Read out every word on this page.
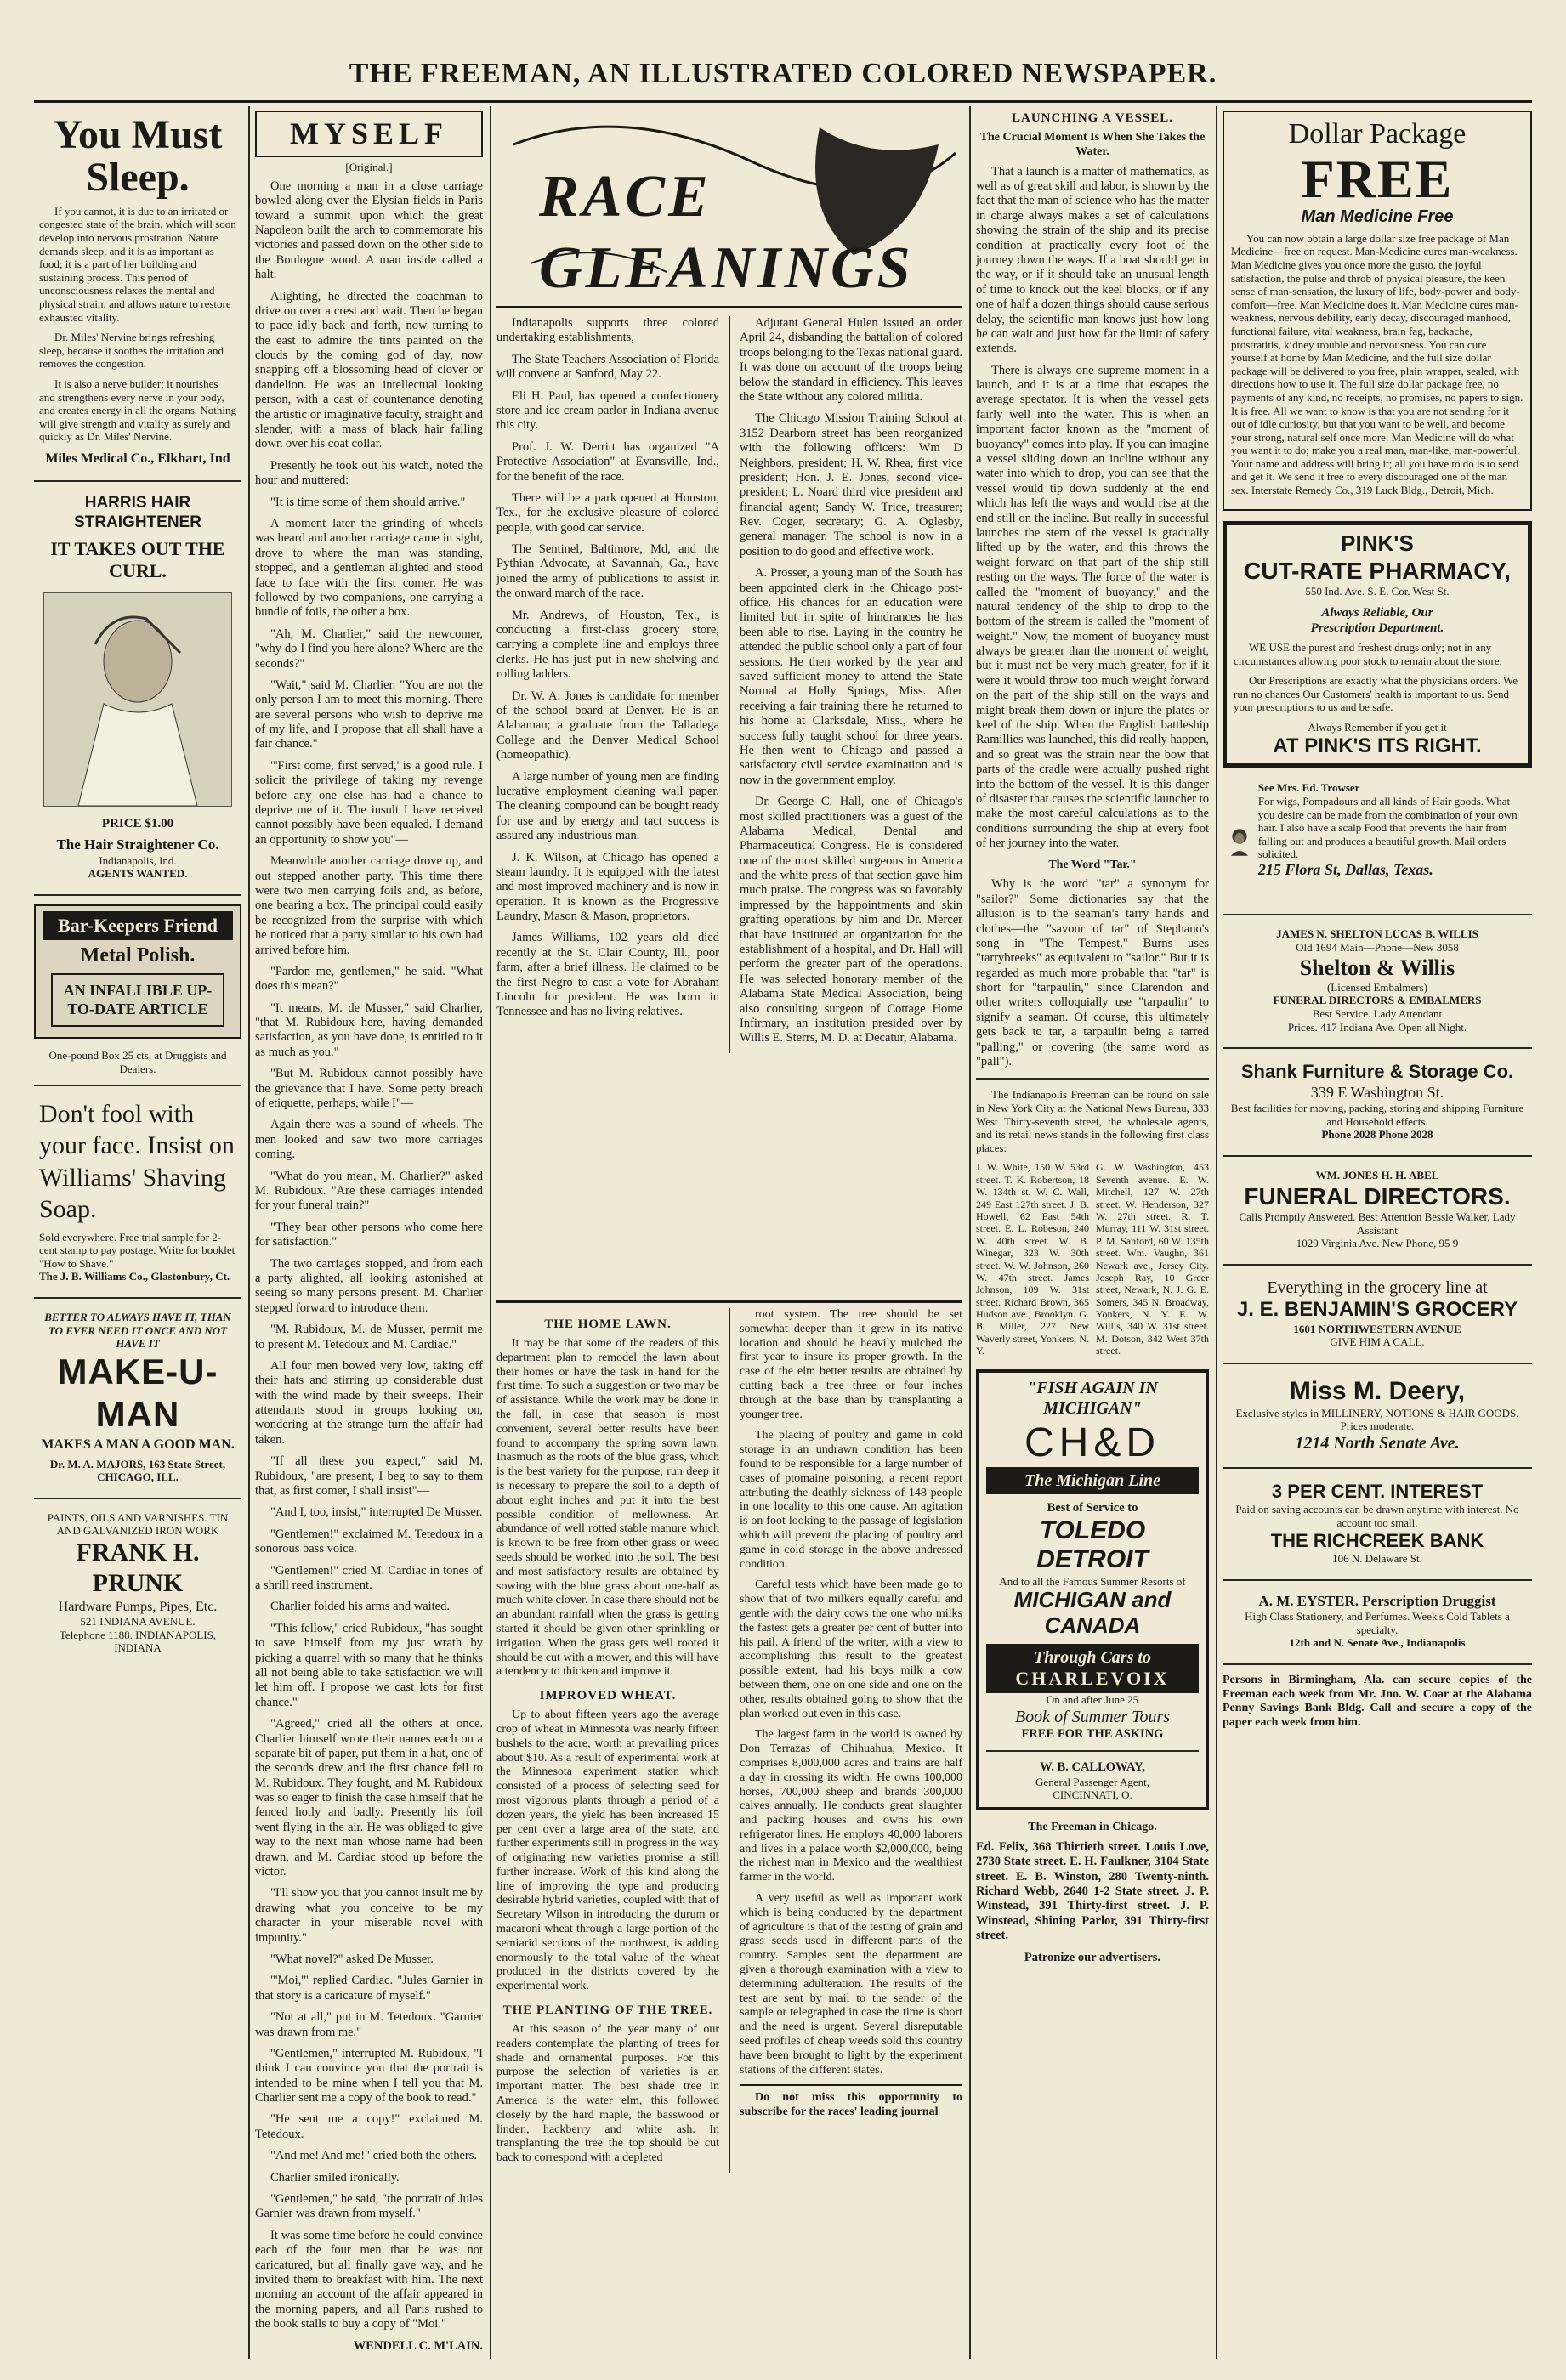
THE FREEMAN, AN ILLUSTRATED COLORED NEWSPAPER.
You Must Sleep.

If you cannot, it is due to an irritated or congested state of the brain, which will soon develop into nervous prostration. Nature demands sleep, and it is as important as food; it is a part of her building and sustaining process. This period of unconsciousness relaxes the mental and physical strain, and allows nature to restore exhausted vitality.

Dr. Miles' Nervine brings refreshing sleep, because it soothes the irritation and removes the congestion.

It is also a nerve builder; it nourishes and strengthens every nerve in your body, and creates energy in all the organs. Nothing will give strength and vitality as surely and quickly as Dr. Miles' Nervine.

Miles Medical Co., Elkhart, Ind
HARRIS HAIR STRAIGHTENER
IT TAKES OUT THE CURL.
PRICE $1.00
The Hair Straightener Co.
Indianapolis, Ind.
AGENTS WANTED.
Bar-Keepers Friend
Metal Polish.
AN INFALLIBLE UP-TO-DATE ARTICLE
One-pound Box 25 cts, at Druggists and Dealers.
Don't fool with your face. Insist on Williams' Shaving Soap.
Sold everywhere. Free trial sample for 2-cent stamp to pay postage. Write for booklet "How to Shave."
The J. B. Williams Co., Glastonbury, Ct.
BETTER TO ALWAYS HAVE IT, THAN TO EVER NEED IT ONCE AND NOT HAVE IT
MAKE-U-MAN
MAKES A MAN A GOOD MAN.
Dr. M. A. MAJORS, 163 State Street, CHICAGO, ILL.
PAINTS, OILS AND VARNISHES. TIN AND GALVANIZED IRON WORK
FRANK H. PRUNK
Hardware Pumps, Pipes, Etc.
521 INDIANA AVENUE.
Telephone 1188. INDIANAPOLIS, INDIANA
MYSELF
[Original.]

One morning a man in a close carriage bowled along over the Elysian fields in Paris toward a summit upon which the great Napoleon built the arch to commemorate his victories and passed down on the other side to the Boulogne wood. A man inside called a halt.

Alighting, he directed the coachman to drive on over a crest and wait. Then he began to pace idly back and forth, now turning to the east to admire the tints painted on the clouds by the coming god of day, now snapping off a blossoming head of clover or dandelion. He was an intellectual looking person, with a cast of countenance denoting the artistic or imaginative faculty, straight and slender, with a mass of black hair falling down over his coat collar.

Presently he took out his watch, noted the hour and muttered:

"It is time some of them should arrive."

A moment later the grinding of wheels was heard and another carriage came in sight, drove to where the man was standing, stopped, and a gentleman alighted and stood face to face with the first comer. He was followed by two companions, one carrying a bundle of foils, the other a box.

"Ah, M. Charlier," said the newcomer, "why do I find you here alone? Where are the seconds?"

"Wait," said M. Charlier. "You are not the only person I am to meet this morning. There are several persons who wish to deprive me of my life, and I propose that all shall have a fair chance."

"'First come, first served,' is a good rule. I solicit the privilege of taking my revenge before any one else has had a chance to deprive me of it. The insult I have received cannot possibly have been equaled. I demand an opportunity to show you"—

Meanwhile another carriage drove up, and out stepped another party. This time there were two men carrying foils and, as before, one bearing a box. The principal could easily be recognized from the surprise with which he noticed that a party similar to his own had arrived before him.

"Pardon me, gentlemen," he said. "What does this mean?"

"It means, M. de Musser," said Charlier, "that M. Rubidoux here, having demanded satisfaction, as you have done, is entitled to it as much as you."

"But M. Rubidoux cannot possibly have the grievance that I have. Some petty breach of etiquette, perhaps, while I"—

Again there was a sound of wheels. The men looked and saw two more carriages coming.

"What do you mean, M. Charlier?" asked M. Rubidoux. "Are these carriages intended for your funeral train?"

"They bear other persons who come here for satisfaction."

The two carriages stopped, and from each a party alighted, all looking astonished at seeing so many persons present. M. Charlier stepped forward to introduce them.

"M. Rubidoux, M. de Musser, permit me to present M. Tetedoux and M. Cardiac."

All four men bowed very low, taking off their hats and stirring up considerable dust with the wind made by their sweeps. Their attendants stood in groups looking on, wondering at the strange turn the affair had taken.

"If all these you expect," said M. Rubidoux, "are present, I beg to say to them that, as first comer, I shall insist"—

"And I, too, insist," interrupted De Musser.

"Gentlemen!" exclaimed M. Tetedoux in a sonorous bass voice.

"Gentlemen!" cried M. Cardiac in tones of a shrill reed instrument.

Charlier folded his arms and waited.

"This fellow," cried Rubidoux, "has sought to save himself from my just wrath by picking a quarrel with so many that he thinks all not being able to take satisfaction we will let him off. I propose we cast lots for first chance."

"Agreed," cried all the others at once. Charlier himself wrote their names each on a separate bit of paper, put them in a hat, one of the seconds drew and the first chance fell to M. Rubidoux. They fought, and M. Rubidoux was so eager to finish the case himself that he fenced hotly and badly. Presently his foil went flying in the air. He was obliged to give way to the next man whose name had been drawn, and M. Cardiac stood up before the victor.

"I'll show you that you cannot insult me by drawing what you conceive to be my character in your miserable novel with impunity."

"What novel?" asked De Musser.

"'Moi,'" replied Cardiac. "Jules Garnier in that story is a caricature of myself."

"Not at all," put in M. Tetedoux. "Garnier was drawn from me."

"Gentlemen," interrupted M. Rubidoux, "I think I can convince you that the portrait is intended to be mine when I tell you that M. Charlier sent me a copy of the book to read."

"He sent me a copy!" exclaimed M. Tetedoux.

"And me! And me!" cried both the others.

Charlier smiled ironically.

"Gentlemen," he said, "the portrait of Jules Garnier was drawn from myself."

It was some time before he could convince each of the four men that he was not caricatured, but all finally gave way, and he invited them to breakfast with him. The next morning an account of the affair appeared in the morning papers, and all Paris rushed to the book stalls to buy a copy of "Moi."

WENDELL C. M'LAIN.
RACE GLEANINGS

Indianapolis supports three colored undertaking establishments,

The State Teachers Association of Florida will convene at Sanford, May 22.

Eli H. Paul, has opened a confectionery store and ice cream parlor in Indiana avenue this city.

Prof. J. W. Derritt has organized "A Protective Association" at Evansville, Ind., for the benefit of the race.

There will be a park opened at Houston, Tex., for the exclusive pleasure of colored people, with good car service.

The Sentinel, Baltimore, Md, and the Pythian Advocate, at Savannah, Ga., have joined the army of publications to assist in the onward march of the race.

Mr. Andrews, of Houston, Tex., is conducting a first-class grocery store, carrying a complete line and employs three clerks. He has just put in new shelving and rolling ladders.

Dr. W. A. Jones is candidate for member of the school board at Denver. He is an Alabaman; a graduate from the Talladega College and the Denver Medical School (homeopathic).

A large number of young men are finding lucrative employment cleaning wall paper. The cleaning compound can be bought ready for use and by energy and tact success is assured any industrious man.

J. K. Wilson, at Chicago has opened a steam laundry. It is equipped with the latest and most improved machinery and is now in operation. It is known as the Progressive Laundry, Mason & Mason, proprietors.

James Williams, 102 years old died recently at the St. Clair County, Ill., poor farm, after a brief illness. He claimed to be the first Negro to cast a vote for Abraham Lincoln for president. He was born in Tennessee and has no living relatives.

Adjutant General Hulen issued an order April 24, disbanding the battalion of colored troops belonging to the Texas national guard. It was done on account of the troops being below the standard in efficiency. This leaves the State without any colored militia.

The Chicago Mission Training School at 3152 Dearborn street has been reorganized with the following officers: Wm D Neighbors, president; H. W. Rhea, first vice president; Hon. J. E. Jones, second vice-president; L. Noard third vice president and financial agent; Sandy W. Trice, treasurer; Rev. Coger, secretary; G. A. Oglesby, general manager. The school is now in a position to do good and effective work.

A. Prosser, a young man of the South has been appointed clerk in the Chicago post-office. His chances for an education were limited but in spite of hindrances he has been able to rise. Laying in the country he attended the public school only a part of four sessions. He then worked by the year and saved sufficient money to attend the State Normal at Holly Springs, Miss. After receiving a fair training there he returned to his home at Clarksdale, Miss., where he success fully taught school for three years. He then went to Chicago and passed a satisfactory civil service examination and is now in the government employ.

Dr. George C. Hall, one of Chicago's most skilled practitioners was a guest of the Alabama Medical, Dental and Pharmaceutical Congress. He is considered one of the most skilled surgeons in America and the white press of that section gave him much praise. The congress was so favorably impressed by the happointments and skin grafting operations by him and Dr. Mercer that have instituted an organization for the establishment of a hospital, and Dr. Hall will perform the greater part of the operations. He was selected honorary member of the Alabama State Medical Association, being also consulting surgeon of Cottage Home Infirmary, an institution presided over by Willis E. Sterrs, M. D. at Decatur, Alabama.

THE HOME LAWN.

It may be that some of the readers of this department plan to remodel the lawn about their homes or have the task in hand for the first time. To such a suggestion or two may be of assistance. While the work may be done in the fall, in case that season is most convenient, several better results have been found to accompany the spring sown lawn. Inasmuch as the roots of the blue grass, which is the best variety for the purpose, run deep it is necessary to prepare the soil to a depth of about eight inches and put it into the best possible condition of mellowness. An abundance of well rotted stable manure which is known to be free from other grass or weed seeds should be worked into the soil. The best and most satisfactory results are obtained by sowing with the blue grass about one-half as much white clover. In case there should not be an abundant rainfall when the grass is getting started it should be given other sprinkling or irrigation. When the grass gets well rooted it should be cut with a mower, and this will have a tendency to thicken and improve it.

IMPROVED WHEAT.

Up to about fifteen years ago the average crop of wheat in Minnesota was nearly fifteen bushels to the acre, worth at prevailing prices about $10. As a result of experimental work at the Minnesota experiment station which consisted of a process of selecting seed for most vigorous plants through a period of a dozen years, the yield has been increased 15 per cent over a large area of the state, and further experiments still in progress in the way of originating new varieties promise a still further increase. Work of this kind along the line of improving the type and producing desirable hybrid varieties, coupled with that of Secretary Wilson in introducing the durum or macaroni wheat through a large portion of the semiarid sections of the northwest, is adding enormously to the total value of the wheat produced in the districts covered by the experimental work.

THE PLANTING OF THE TREE.

At this season of the year many of our readers contemplate the planting of trees for shade and ornamental purposes. For this purpose the selection of varieties is an important matter. The best shade tree in America is the water elm, this followed closely by the hard maple, the basswood or linden, hackberry and white ash. In transplanting the tree the top should be cut back to correspond with a depleted

root system. The tree should be set somewhat deeper than it grew in its native location and should be heavily mulched the first year to insure its proper growth. In the case of the elm better results are obtained by cutting back a tree three or four inches through at the base than by transplanting a younger tree.

The placing of poultry and game in cold storage in an undrawn condition has been found to be responsible for a large number of cases of ptomaine poisoning, a recent report attributing the deathly sickness of 148 people in one locality to this one cause. An agitation is on foot looking to the passage of legislation which will prevent the placing of poultry and game in cold storage in the above undressed condition.

Careful tests which have been made go to show that of two milkers equally careful and gentle with the dairy cows the one who milks the fastest gets a greater per cent of butter into his pail. A friend of the writer, with a view to accomplishing this result to the greatest possible extent, had his boys milk a cow between them, one on one side and one on the other, results obtained going to show that the plan worked out even in this case.

The largest farm in the world is owned by Don Terrazas of Chihuahua, Mexico. It comprises 8,000,000 acres and trains are half a day in crossing its width. He owns 100,000 horses, 700,000 sheep and brands 300,000 calves annually. He conducts great slaughter and packing houses and owns his own refrigerator lines. He employs 40,000 laborers and lives in a palace worth $2,000,000, being the richest man in Mexico and the wealthiest farmer in the world.

A very useful as well as important work which is being conducted by the department of agriculture is that of the testing of grain and grass seeds used in different parts of the country. Samples sent the department are given a thorough examination with a view to determining adulteration. The results of the test are sent by mail to the sender of the sample or telegraphed in case the time is short and the need is urgent. Several disreputable seed profiles of cheap weeds sold this country have been brought to light by the experiment stations of the different states.

Do not miss this opportunity to subscribe for the races' leading journal

LAUNCHING A VESSEL.
The Crucial Moment Is When She Takes the Water.

That a launch is a matter of mathematics, as well as of great skill and labor, is shown by the fact that the man of science who has the matter in charge always makes a set of calculations showing the strain of the ship and its precise condition at practically every foot of the journey down the ways. If a boat should get in the way, or if it should take an unusual length of time to knock out the keel blocks, or if any one of half a dozen things should cause serious delay, the scientific man knows just how long he can wait and just how far the limit of safety extends.

There is always one supreme moment in a launch, and it is at a time that escapes the average spectator. It is when the vessel gets fairly well into the water. This is when an important factor known as the "moment of buoyancy" comes into play. If you can imagine a vessel sliding down an incline without any water into which to drop, you can see that the vessel would tip down suddenly at the end which has left the ways and would rise at the end still on the incline. But really in successful launches the stern of the vessel is gradually lifted up by the water, and this throws the weight forward on that part of the ship still resting on the ways. The force of the water is called the "moment of buoyancy," and the natural tendency of the ship to drop to the bottom of the stream is called the "moment of weight." Now, the moment of buoyancy must always be greater than the moment of weight, but it must not be very much greater, for if it were it would throw too much weight forward on the part of the ship still on the ways and might break them down or injure the plates or keel of the ship. When the English battleship Ramillies was launched, this did really happen, and so great was the strain near the bow that parts of the cradle were actually pushed right into the bottom of the vessel. It is this danger of disaster that causes the scientific launcher to make the most careful calculations as to the conditions surrounding the ship at every foot of her journey into the water.

The Word "Tar."

Why is the word "tar" a synonym for "sailor?" Some dictionaries say that the allusion is to the seaman's tarry hands and clothes—the "savour of tar" of Stephano's song in "The Tempest." Burns uses "tarrybreeks" as equivalent to "sailor." But it is regarded as much more probable that "tar" is short for "tarpaulin," since Clarendon and other writers colloquially use "tarpaulin" to signify a seaman. Of course, this ultimately gets back to tar, a tarpaulin being a tarred "palling," or covering (the same word as "pall").

The Indianapolis Freeman can be found on sale in New York City at the National News Bureau, 333 West Thirty-seventh street, the wholesale agents, and its retail news stands in the following first class places:

J. W. White, 150 W. 53rd street. T. K. Robertson, 18 W. 134th st. W. C. Wall, 249 East 127th street. J. B. Howell, 62 East 54th street. E. L. Robeson, 240 W. 40th street. W. B. Winegar, 323 W. 30th street. W. W. Johnson, 260 W. 47th street. James Johnson, 109 W. 31st street. Richard Brown, 365 Hudson ave., Brooklyn. G. B. Miller, 227 New Waverly street, Yonkers, N. Y.
G. W. Washington, 453 Seventh avenue. E. W. Mitchell, 127 W. 27th street. W. Henderson, 327 W. 27th street. R. T. Murray, 111 W. 31st street. P. M. Sanford, 60 W. 135th street. Wm. Vaughn, 361 Newark ave., Jersey City. Joseph Ray, 10 Greer street, Newark, N. J. G. E. Somers, 345 N. Broadway, Yonkers, N. Y. E. W. Willis, 340 W. 31st street. M. Dotson, 342 West 37th street.
"FISH AGAIN IN MICHIGAN"
CH&D
The Michigan Line
Best of Service to
TOLEDO DETROIT
And to all the Famous Summer Resorts of
MICHIGAN and CANADA
Through Cars to
CHARLEVOIX
On and after June 25
Book of Summer Tours
FREE FOR THE ASKING
W. B. CALLOWAY,
General Passenger Agent,
CINCINNATI, O.
The Freeman in Chicago.

Ed. Felix, 368 Thirtieth street. Louis Love, 2730 State street. E. H. Faulkner, 3104 State street. E. B. Winston, 280 Twenty-ninth. Richard Webb, 2640 1-2 State street. J. P. Winstead, 391 Thirty-first street. J. P. Winstead, Shining Parlor, 391 Thirty-first street.

Patronize our advertisers.
Dollar Package
FREE
Man Medicine Free

You can now obtain a large dollar size free package of Man Medicine—free on request. Man-Medicine cures man-weakness. Man Medicine gives you once more the gusto, the joyful satisfaction, the pulse and throb of physical pleasure, the keen sense of man-sensation, the luxury of life, body-power and body-comfort—free. Man Medicine does it. Man Medicine cures man-weakness, nervous debility, early decay, discouraged manhood, functional failure, vital weakness, brain fag, backache, prostratitis, kidney trouble and nervousness. You can cure yourself at home by Man Medicine, and the full size dollar package will be delivered to you free, plain wrapper, sealed, with directions how to use it. The full size dollar package free, no payments of any kind, no receipts, no promises, no papers to sign. It is free. All we want to know is that you are not sending for it out of idle curiosity, but that you want to be well, and become your strong, natural self once more. Man Medicine will do what you want it to do; make you a real man, man-like, man-powerful. Your name and address will bring it; all you have to do is to send and get it. We send it free to every discouraged one of the man sex. Interstate Remedy Co., 319 Luck Bldg., Detroit, Mich.

PINK'S
CUT-RATE PHARMACY,
550 Ind. Ave. S. E. Cor. West St.
Always Reliable, Our
Prescription Department.

WE USE the purest and freshest drugs only; not in any circumstances allowing poor stock to remain about the store.

Our Prescriptions are exactly what the physicians orders. We run no chances Our Customers' health is important to us. Send your prescriptions to us and be safe.

Always Remember if you get it
AT PINK'S ITS RIGHT.
See Mrs. Ed. Trowser
For wigs, Pompadours and all kinds of Hair goods. What you desire can be made from the combination of your own hair. I also have a scalp Food that prevents the hair from falling out and produces a beautiful growth. Mail orders solicited.
215 Flora St, Dallas, Texas.
JAMES N. SHELTON LUCAS B. WILLIS
Old 1694 Main—Phone—New 3058
Shelton & Willis
(Licensed Embalmers)
FUNERAL DIRECTORS & EMBALMERS
Best Service. Lady Attendant
Prices. 417 Indiana Ave. Open all Night.
Shank Furniture & Storage Co.
339 E Washington St.
Best facilities for moving, packing, storing and shipping Furniture and Household effects.
Phone 2028 Phone 2028
WM. JONES H. H. ABEL
FUNERAL DIRECTORS.
Calls Promptly Answered. Best Attention Bessie Walker, Lady Assistant
1029 Virginia Ave. New Phone, 95 9
Everything in the grocery line at
J. E. BENJAMIN'S GROCERY
1601 NORTHWESTERN AVENUE
GIVE HIM A CALL.
Miss M. Deery,
Exclusive styles in MILLINERY, NOTIONS & HAIR GOODS. Prices moderate.
1214 North Senate Ave.
3 PER CENT. INTEREST
Paid on saving accounts can be drawn anytime with interest. No account too small.
THE RICHCREEK BANK
106 N. Delaware St.
A. M. EYSTER. Perscription Druggist
High Class Stationery, and Perfumes. Week's Cold Tablets a specialty.
12th and N. Senate Ave., Indianapolis

Persons in Birmingham, Ala. can secure copies of the Freeman each week from Mr. Jno. W. Coar at the Alabama Penny Savings Bank Bldg. Call and secure a copy of the paper each week from him.
